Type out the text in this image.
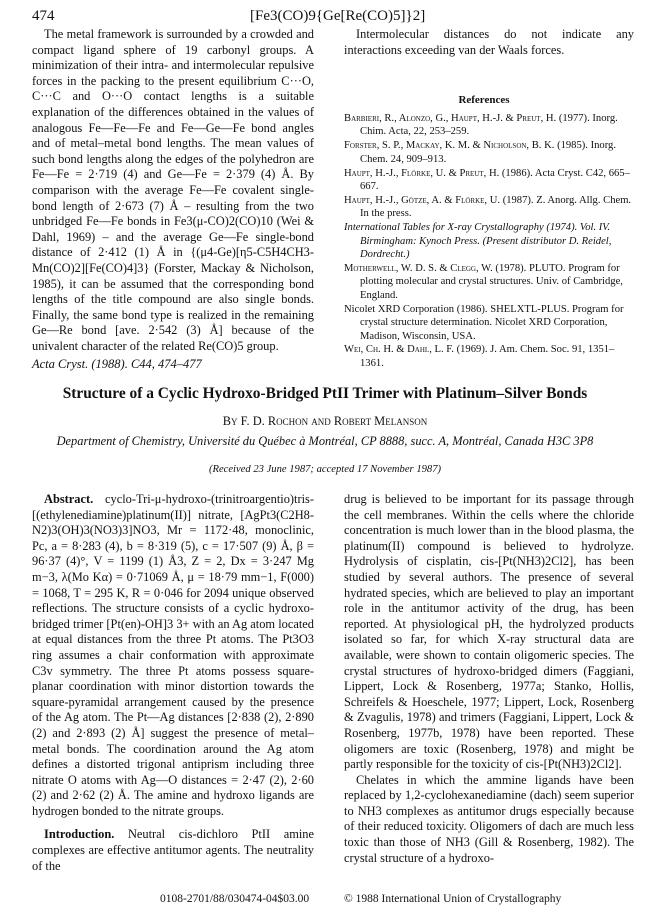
474	[Fe3(CO)9{Ge[Re(CO)5]}2]

The metal framework is surrounded by a crowded and compact ligand sphere of 19 carbonyl groups. A minimization of their intra- and intermolecular repulsive forces in the packing to the present equilibrium C···O, C···C and O···O contact lengths is a suitable explanation of the differences obtained in the values of analogous Fe—Fe—Fe and Fe—Ge—Fe bond angles and of metal–metal bond lengths. The mean values of such bond lengths along the edges of the polyhedron are Fe—Fe = 2·719 (4) and Ge—Fe = 2·379 (4) Å. By comparison with the average Fe—Fe covalent single-bond length of 2·673 (7) Å – resulting from the two unbridged Fe—Fe bonds in Fe3(μ-CO)2(CO)10 (Wei & Dahl, 1969) – and the average Ge—Fe single-bond distance of 2·412 (1) Å in {(μ4-Ge)[η5-C5H4CH3-Mn(CO)2][Fe(CO)4]3} (Forster, Mackay & Nicholson, 1985), it can be assumed that the corresponding bond lengths of the title compound are also single bonds. Finally, the same bond type is realized in the remaining Ge—Re bond [ave. 2·542 (3) Å] because of the univalent character of the related Re(CO)5 group.

Intermolecular distances do not indicate any interactions exceeding van der Waals forces.

References

Barbieri, R., Alonzo, G., Haupt, H.-J. & Preut, H. (1977). Inorg. Chim. Acta, 22, 253–259.

Forster, S. P., Mackay, K. M. & Nicholson, B. K. (1985). Inorg. Chem. 24, 909–913.

Haupt, H.-J., Flörke, U. & Preut, H. (1986). Acta Cryst. C42, 665–667.

Haupt, H.-J., Götze, A. & Flörke, U. (1987). Z. Anorg. Allg. Chem. In the press.

International Tables for X-ray Crystallography (1974). Vol. IV. Birmingham: Kynoch Press. (Present distributor D. Reidel, Dordrecht.)

Motherwell, W. D. S. & Clegg, W. (1978). PLUTO. Program for plotting molecular and crystal structures. Univ. of Cambridge, England.

Nicolet XRD Corporation (1986). SHELXTL-PLUS. Program for crystal structure determination. Nicolet XRD Corporation, Madison, Wisconsin, USA.

Wei, Ch. H. & Dahl, L. F. (1969). J. Am. Chem. Soc. 91, 1351–1361.

Acta Cryst. (1988). C44, 474–477
Structure of a Cyclic Hydroxo-Bridged PtII Trimer with Platinum–Silver Bonds
By F. D. Rochon and Robert Melanson
Department of Chemistry, Université du Québec à Montréal, CP 8888, succ. A, Montréal, Canada H3C 3P8
(Received 23 June 1987; accepted 17 November 1987)

Abstract. cyclo-Tri-μ-hydroxo-(trinitroargentio)tris-[(ethylenediamine)platinum(II)] nitrate, [AgPt3(C2H8-N2)3(OH)3(NO3)3]NO3, Mr = 1172·48, monoclinic, Pc, a = 8·283 (4), b = 8·319 (5), c = 17·507 (9) Å, β = 96·37 (4)°, V = 1199 (1) Å3, Z = 2, Dx = 3·247 Mg m−3, λ(Mo Kα) = 0·71069 Å, μ = 18·79 mm−1, F(000) = 1068, T = 295 K, R = 0·046 for 2094 unique observed reflections. The structure consists of a cyclic hydroxo-bridged trimer [Pt(en)-OH]3 3+ with an Ag atom located at equal distances from the three Pt atoms. The Pt3O3 ring assumes a chair conformation with approximate C3v symmetry. The three Pt atoms possess square-planar coordination with minor distortion towards the square-pyramidal arrangement caused by the presence of the Ag atom. The Pt—Ag distances [2·838 (2), 2·890 (2) and 2·893 (2) Å] suggest the presence of metal–metal bonds. The coordination around the Ag atom defines a distorted trigonal antiprism including three nitrate O atoms with Ag—O distances = 2·47 (2), 2·60 (2) and 2·62 (2) Å. The amine and hydroxo ligands are hydrogen bonded to the nitrate groups.

Introduction. Neutral cis-dichloro PtII amine complexes are effective antitumor agents. The neutrality of the

drug is believed to be important for its passage through the cell membranes. Within the cells where the chloride concentration is much lower than in the blood plasma, the platinum(II) compound is believed to hydrolyze. Hydrolysis of cisplatin, cis-[Pt(NH3)2Cl2], has been studied by several authors. The presence of several hydrated species, which are believed to play an important role in the antitumor activity of the drug, has been reported. At physiological pH, the hydrolyzed products isolated so far, for which X-ray structural data are available, were shown to contain oligomeric species. The crystal structures of hydroxo-bridged dimers (Faggiani, Lippert, Lock & Rosenberg, 1977a; Stanko, Hollis, Schreifels & Hoeschele, 1977; Lippert, Lock, Rosenberg & Zvagulis, 1978) and trimers (Faggiani, Lippert, Lock & Rosenberg, 1977b, 1978) have been reported. These oligomers are toxic (Rosenberg, 1978) and might be partly responsible for the toxicity of cis-[Pt(NH3)2Cl2].

Chelates in which the ammine ligands have been replaced by 1,2-cyclohexanediamine (dach) seem superior to NH3 complexes as antitumor drugs especially because of their reduced toxicity. Oligomers of dach are much less toxic than those of NH3 (Gill & Rosenberg, 1982). The crystal structure of a hydroxo-

0108-2701/88/030474-04$03.00	© 1988 International Union of Crystallography
